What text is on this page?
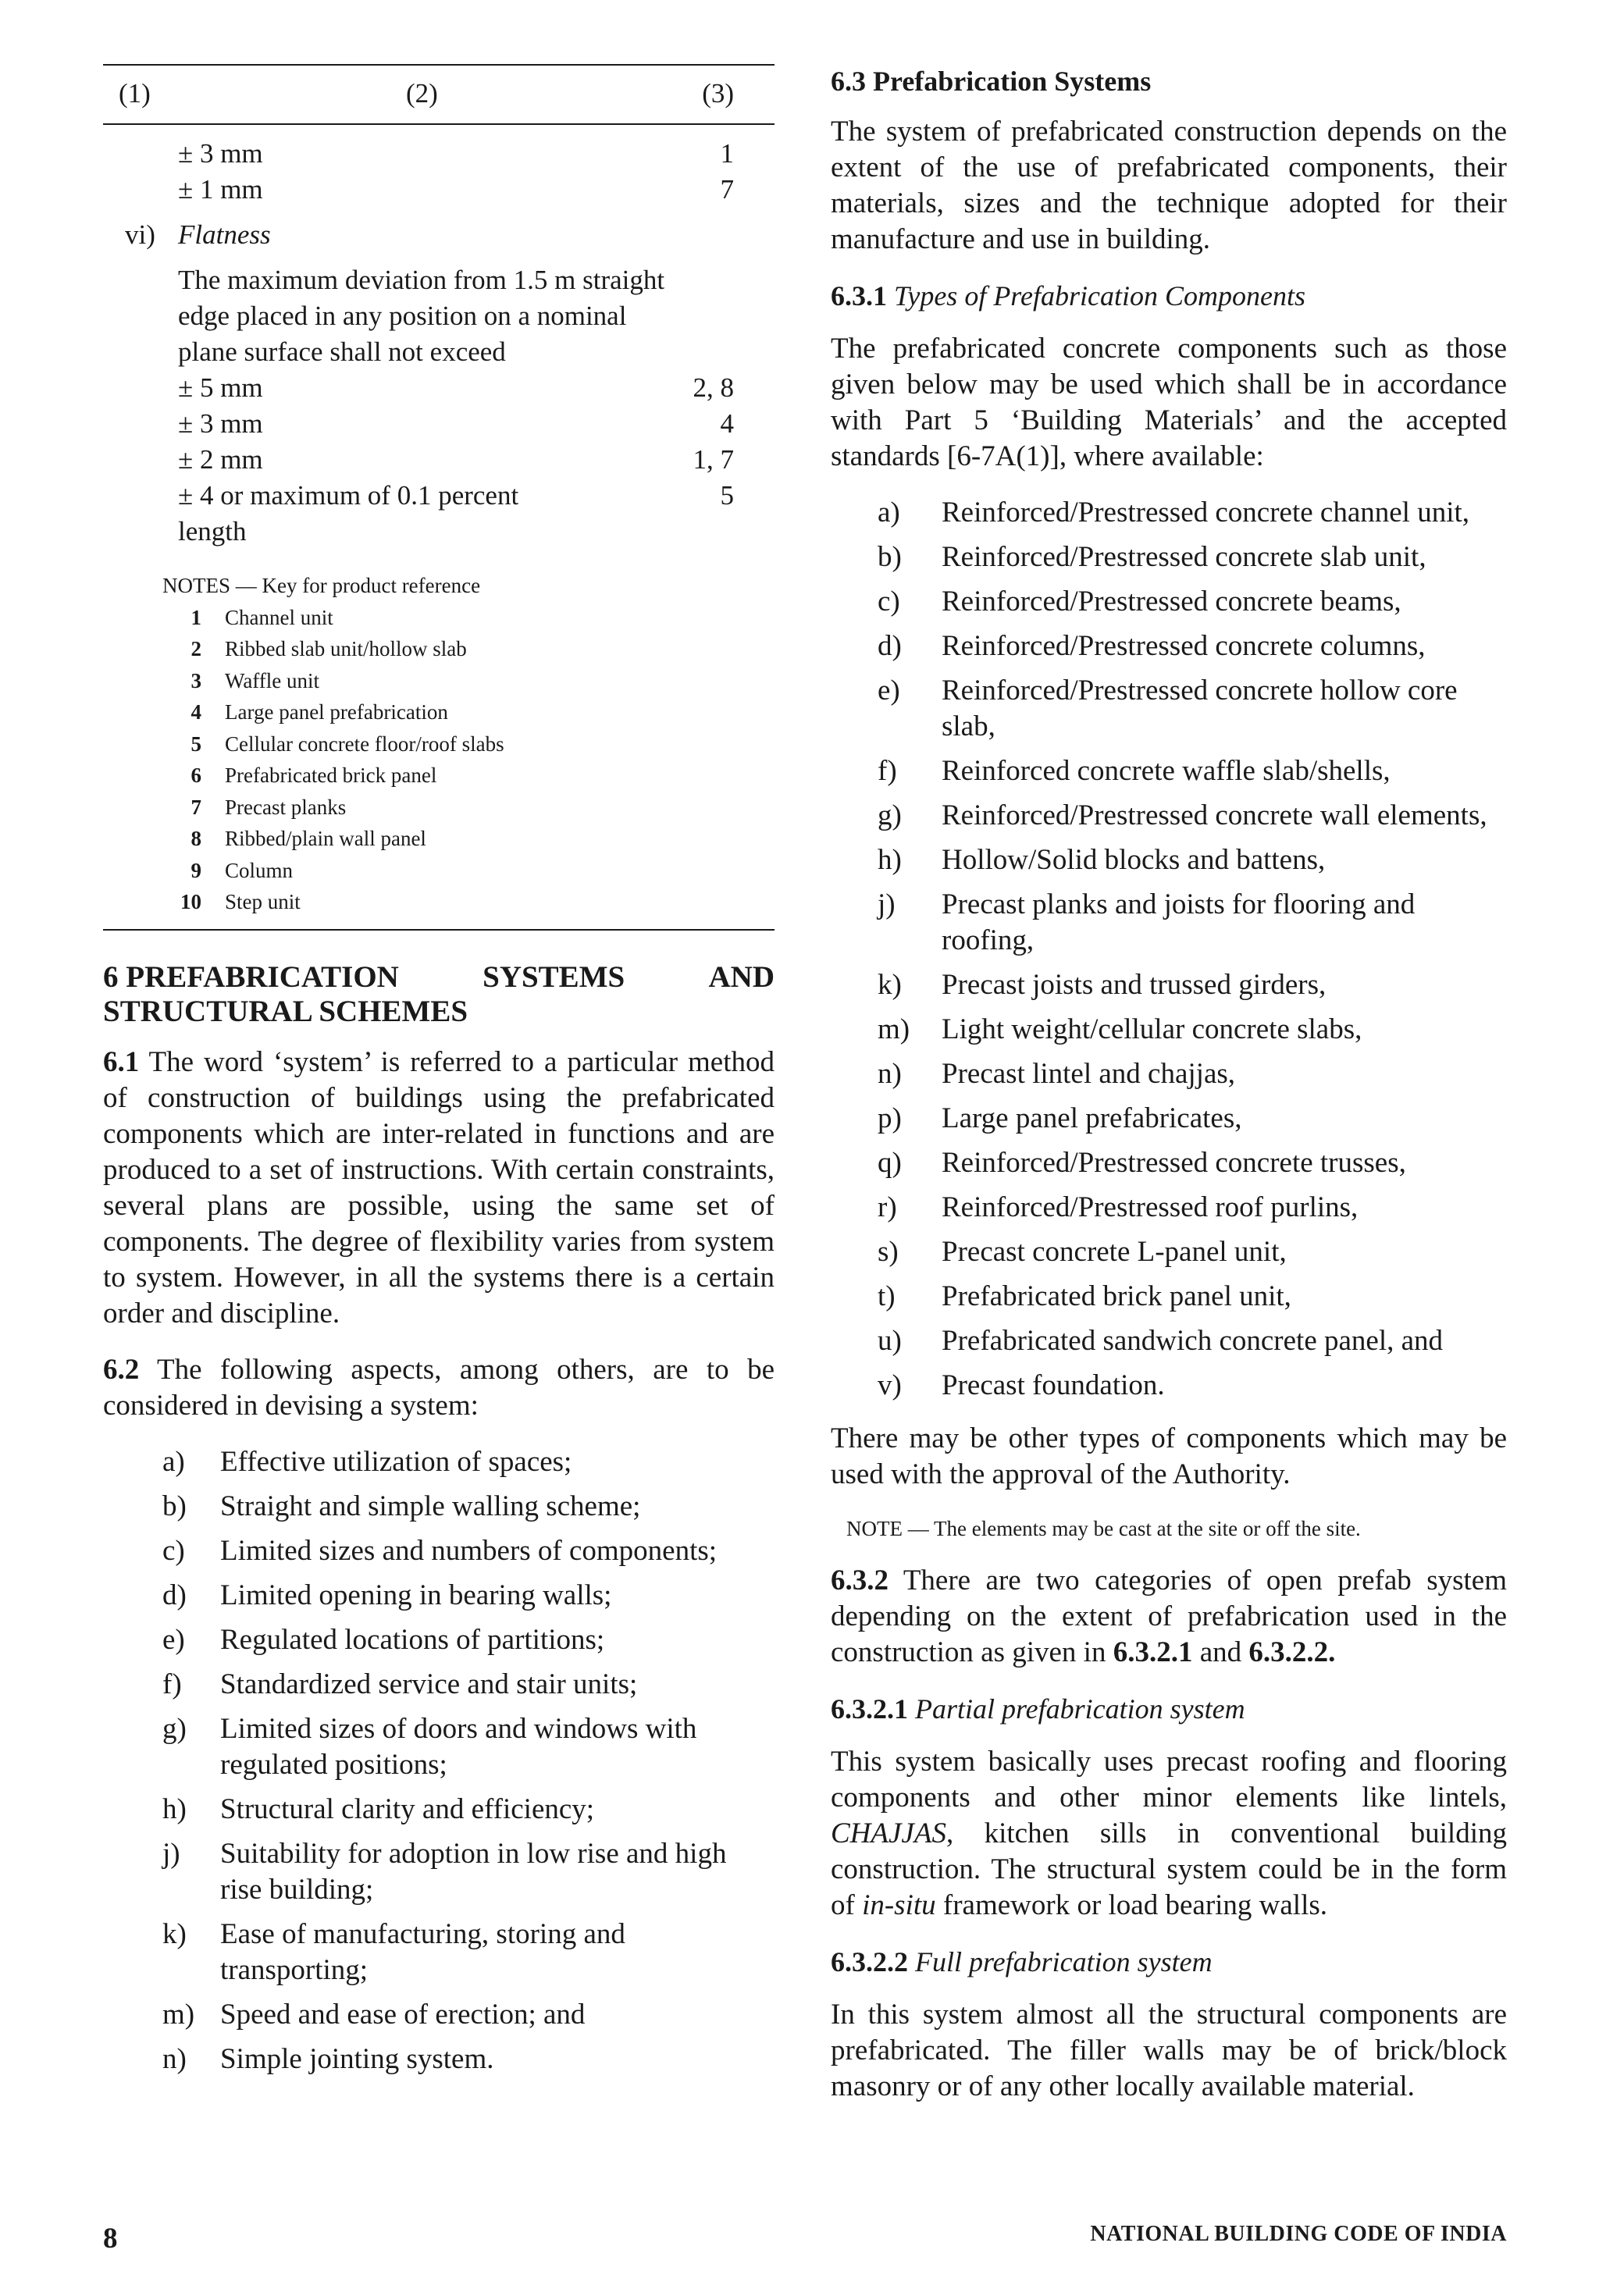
(1)	(2)	(3)
± 3 mm	1
± 1 mm	7
vi) Flatness
The maximum deviation from 1.5 m straight edge placed in any position on a nominal plane surface shall not exceed
± 5 mm	2, 8
± 3 mm	4
± 2 mm	1, 7
± 4 or maximum of 0.1 percent	5
length
NOTES — Key for product reference
1 Channel unit
2 Ribbed slab unit/hollow slab
3 Waffle unit
4 Large panel prefabrication
5 Cellular concrete floor/roof slabs
6 Prefabricated brick panel
7 Precast planks
8 Ribbed/plain wall panel
9 Column
10 Step unit
6 PREFABRICATION	SYSTEMS	AND
STRUCTURAL SCHEMES

6.1 The word ‘system’ is referred to a particular method of construction of buildings using the prefabricated components which are inter-related in functions and are produced to a set of instructions. With certain constraints, several plans are possible, using the same set of components. The degree of flexibility varies from system to system. However, in all the systems there is a certain order and discipline.

6.2 The following aspects, among others, are to be considered in devising a system:

a) Effective utilization of spaces;
b) Straight and simple walling scheme;
c) Limited sizes and numbers of components;
d) Limited opening in bearing walls;
e) Regulated locations of partitions;
f) Standardized service and stair units;
g) Limited sizes of doors and windows with regulated positions;
h) Structural clarity and efficiency;
j) Suitability for adoption in low rise and high rise building;
k) Ease of manufacturing, storing and transporting;
m) Speed and ease of erection; and
n) Simple jointing system.
6.3 Prefabrication Systems

The system of prefabricated construction depends on the extent of the use of prefabricated components, their materials, sizes and the technique adopted for their manufacture and use in building.

6.3.1 Types of Prefabrication Components

The prefabricated concrete components such as those given below may be used which shall be in accordance with Part 5 ‘Building Materials’ and the accepted standards [6-7A(1)], where available:

a) Reinforced/Prestressed concrete channel unit,
b) Reinforced/Prestressed concrete slab unit,
c) Reinforced/Prestressed concrete beams,
d) Reinforced/Prestressed concrete columns,
e) Reinforced/Prestressed concrete hollow core slab,
f) Reinforced concrete waffle slab/shells,
g) Reinforced/Prestressed concrete wall elements,
h) Hollow/Solid blocks and battens,
j) Precast planks and joists for flooring and roofing,
k) Precast joists and trussed girders,
m) Light weight/cellular concrete slabs,
n) Precast lintel and chajjas,
p) Large panel prefabricates,
q) Reinforced/Prestressed concrete trusses,
r) Reinforced/Prestressed roof purlins,
s) Precast concrete L-panel unit,
t) Prefabricated brick panel unit,
u) Prefabricated sandwich concrete panel, and
v) Precast foundation.

There may be other types of components which may be used with the approval of the Authority.

NOTE — The elements may be cast at the site or off the site.

6.3.2 There are two categories of open prefab system depending on the extent of prefabrication used in the construction as given in 6.3.2.1 and 6.3.2.2.

6.3.2.1 Partial prefabrication system

This system basically uses precast roofing and flooring components and other minor elements like lintels, CHAJJAS, kitchen sills in conventional building construction. The structural system could be in the form of in-situ framework or load bearing walls.

6.3.2.2 Full prefabrication system

In this system almost all the structural components are prefabricated. The filler walls may be of brick/block masonry or of any other locally available material.

8	NATIONAL BUILDING CODE OF INDIA
